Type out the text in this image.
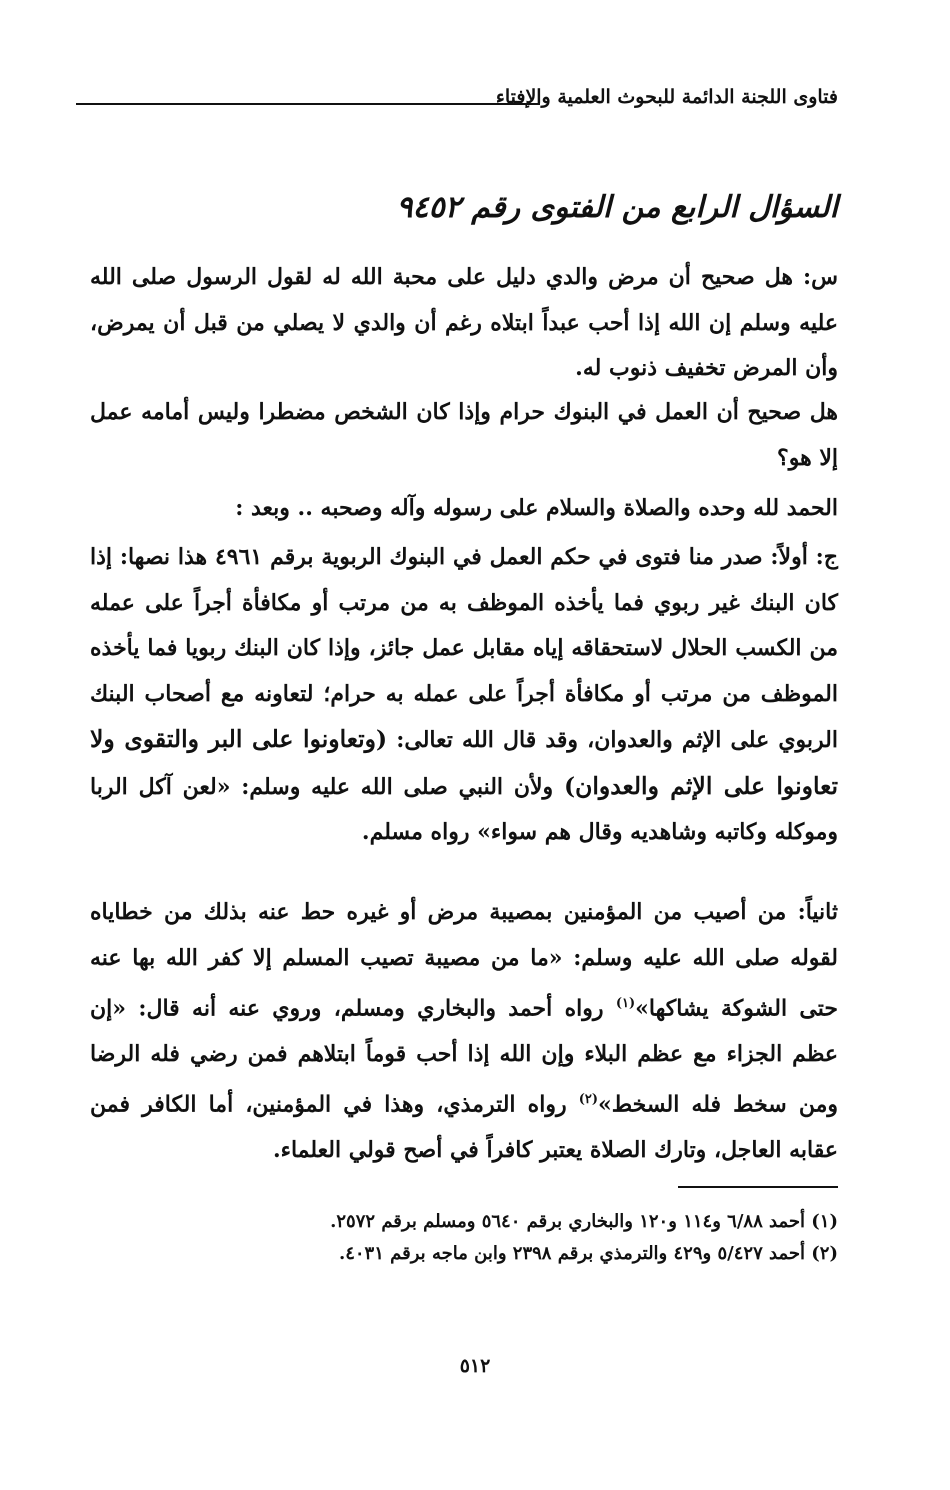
فتاوى اللجنة الدائمة للبحوث العلمية والإفتاء
السؤال الرابع من الفتوى رقم ٩٤٥٢
س: هل صحيح أن مرض والدي دليل على محبة الله له لقول الرسول صلى الله عليه وسلم إن الله إذا أحب عبداً ابتلاه رغم أن والدي لا يصلي من قبل أن يمرض، وأن المرض تخفيف ذنوب له.
هل صحيح أن العمل في البنوك حرام وإذا كان الشخص مضطرا وليس أمامه عمل إلا هو؟
الحمد لله وحده والصلاة والسلام على رسوله وآله وصحبه .. وبعد :
ج: أولاً: صدر منا فتوى في حكم العمل في البنوك الربوية برقم ٤٩٦١ هذا نصها: إذا كان البنك غير ربوي فما يأخذه الموظف به من مرتب أو مكافأة أجراً على عمله من الكسب الحلال لاستحقاقه إياه مقابل عمل جائز، وإذا كان البنك ربويا فما يأخذه الموظف من مرتب أو مكافأة أجراً على عمله به حرام؛ لتعاونه مع أصحاب البنك الربوي على الإثم والعدوان، وقد قال الله تعالى: (وتعاونوا على البر والتقوى ولا تعاونوا على الإثم والعدوان) ولأن النبي صلى الله عليه وسلم: «لعن آكل الربا وموكله وكاتبه وشاهديه وقال هم سواء» رواه مسلم.
ثانياً: من أصيب من المؤمنين بمصيبة مرض أو غيره حط عنه بذلك من خطاياه لقوله صلى الله عليه وسلم: «ما من مصيبة تصيب المسلم إلا كفر الله بها عنه حتى الشوكة يشاكها»$^{(١)}$ رواه أحمد والبخاري ومسلم، وروي عنه أنه قال: «إن عظم الجزاء مع عظم البلاء وإن الله إذا أحب قوماً ابتلاهم فمن رضي فله الرضا ومن سخط فله السخط»$^{(٢)}$ رواه الترمذي، وهذا في المؤمنين، أما الكافر فمن عقابه العاجل، وتارك الصلاة يعتبر كافراً في أصح قولي العلماء.
(١) أحمد ٦/٨٨ و١١٤ و١٢٠ والبخاري برقم ٥٦٤٠ ومسلم برقم ٢٥٧٢.
(٢) أحمد ٥/٤٢٧ و٤٢٩ والترمذي برقم ٢٣٩٨ وابن ماجه برقم ٤٠٣١.
٥١٢
